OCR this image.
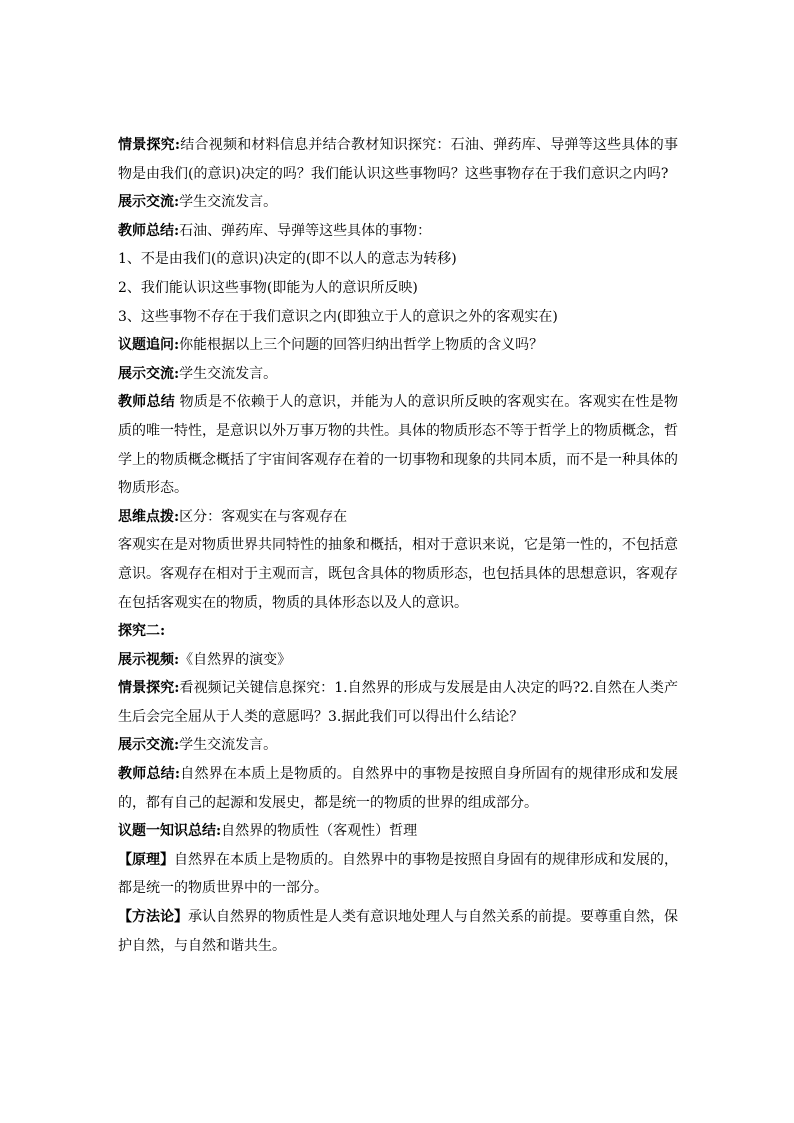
情景探究:结合视频和材料信息并结合教材知识探究：石油、弹药库、导弹等这些具体的事物是由我们(的意识)决定的吗？我们能认识这些事物吗？这些事物存在于我们意识之内吗?

展示交流:学生交流发言。

教师总结:石油、弹药库、导弹等这些具体的事物：

1、不是由我们(的意识)决定的(即不以人的意志为转移)

2、我们能认识这些事物(即能为人的意识所反映)

3、这些事物不存在于我们意识之内(即独立于人的意识之外的客观实在)

议题追问:你能根据以上三个问题的回答归纳出哲学上物质的含义吗？

展示交流:学生交流发言。

教师总结 物质是不依赖于人的意识，并能为人的意识所反映的客观实在。客观实在性是物质的唯一特性，是意识以外万事万物的共性。具体的物质形态不等于哲学上的物质概念，哲学上的物质概念概括了宇宙间客观存在着的一切事物和现象的共同本质，而不是一种具体的物质形态。

思维点拨:区分：客观实在与客观存在

客观实在是对物质世界共同特性的抽象和概括，相对于意识来说，它是第一性的，不包括意意识。客观存在相对于主观而言，既包含具体的物质形态，也包括具体的思想意识，客观存在包括客观实在的物质，物质的具体形态以及人的意识。

探究二:

展示视频:《自然界的演变》

情景探究:看视频记关键信息探究：1.自然界的形成与发展是由人决定的吗?2.自然在人类产生后会完全屈从于人类的意愿吗？3.据此我们可以得出什么结论？

展示交流:学生交流发言。

教师总结:自然界在本质上是物质的。自然界中的事物是按照自身所固有的规律形成和发展的，都有自己的起源和发展史，都是统一的物质的世界的组成部分。

议题一知识总结:自然界的物质性（客观性）哲理

【原理】自然界在本质上是物质的。自然界中的事物是按照自身固有的规律形成和发展的，都是统一的物质世界中的一部分。

【方法论】承认自然界的物质性是人类有意识地处理人与自然关系的前提。要尊重自然，保护自然，与自然和谐共生。
